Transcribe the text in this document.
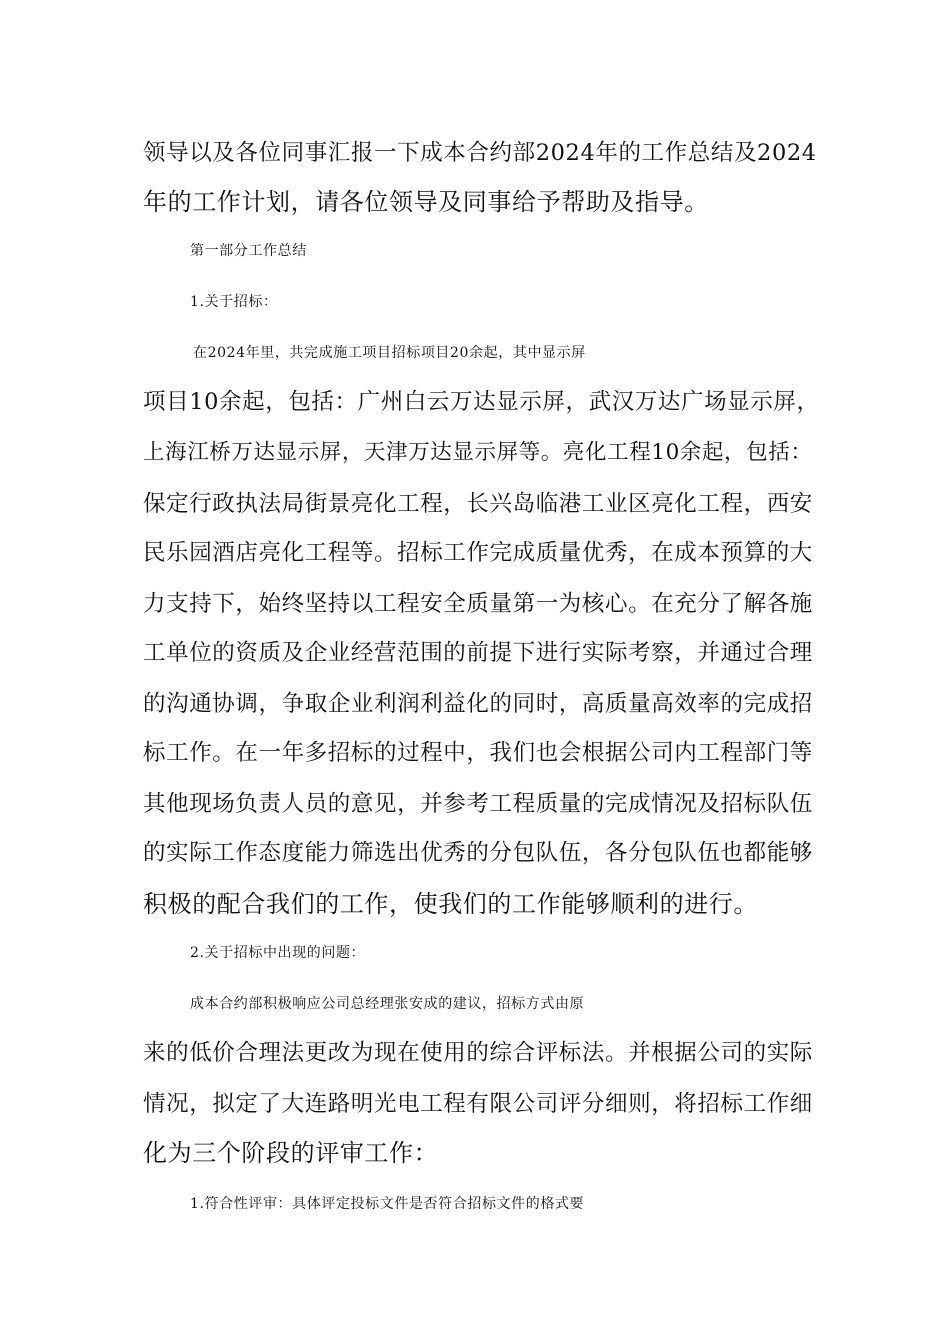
领导以及各位同事汇报一下成本合约部2024年的工作总结及2024
年的工作计划，请各位领导及同事给予帮助及指导。
第一部分工作总结
1.关于招标：
在2024年里，共完成施工项目招标项目20余起，其中显示屏
项目10余起，包括：广州白云万达显示屏，武汉万达广场显示屏，
上海江桥万达显示屏，天津万达显示屏等。亮化工程10余起，包括：
保定行政执法局街景亮化工程，长兴岛临港工业区亮化工程，西安
民乐园酒店亮化工程等。招标工作完成质量优秀，在成本预算的大
力支持下，始终坚持以工程安全质量第一为核心。在充分了解各施
工单位的资质及企业经营范围的前提下进行实际考察，并通过合理
的沟通协调，争取企业利润利益化的同时，高质量高效率的完成招
标工作。在一年多招标的过程中，我们也会根据公司内工程部门等
其他现场负责人员的意见，并参考工程质量的完成情况及招标队伍
的实际工作态度能力筛选出优秀的分包队伍，各分包队伍也都能够
积极的配合我们的工作，使我们的工作能够顺利的进行。
2.关于招标中出现的问题：
成本合约部积极响应公司总经理张安成的建议，招标方式由原
来的低价合理法更改为现在使用的综合评标法。并根据公司的实际
情况，拟定了大连路明光电工程有限公司评分细则，将招标工作细
化为三个阶段的评审工作：
1.符合性评审：具体评定投标文件是否符合招标文件的格式要
